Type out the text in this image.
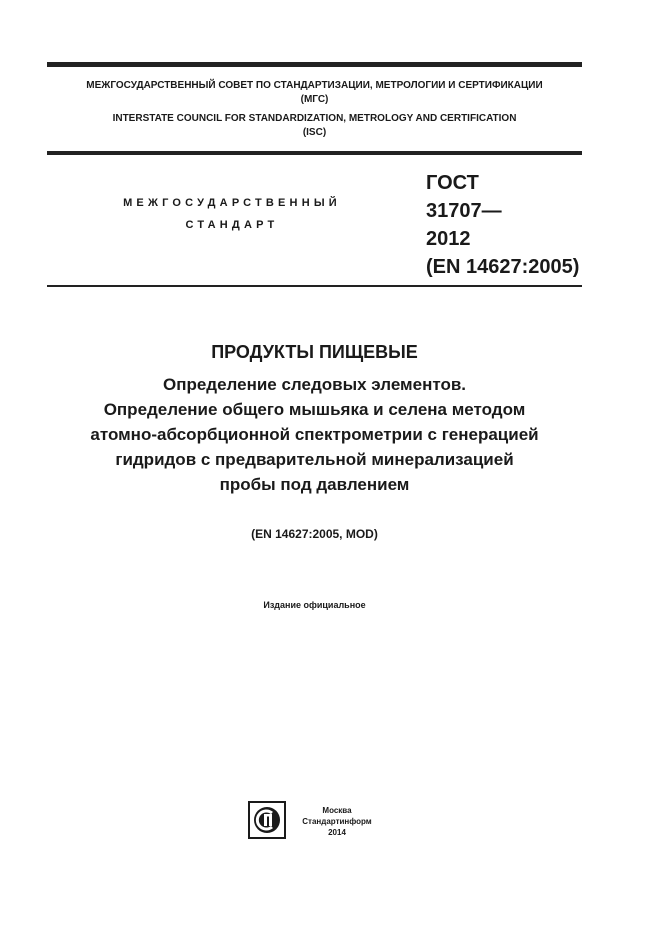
МЕЖГОСУДАРСТВЕННЫЙ СОВЕТ ПО СТАНДАРТИЗАЦИИ, МЕТРОЛОГИИ И СЕРТИФИКАЦИИ
(МГС)
INTERSTATE COUNCIL FOR STANDARDIZATION, METROLOGY AND CERTIFICATION
(ISC)
МЕЖГОСУДАРСТВЕННЫЙ
СТАНДАРТ
ГОСТ
31707—
2012
(EN 14627:2005)
ПРОДУКТЫ ПИЩЕВЫЕ
Определение следовых элементов.
Определение общего мышьяка и селена методом
атомно-абсорбционной спектрометрии с генерацией
гидридов с предварительной минерализацией
пробы под давлением
(EN 14627:2005, MOD)
Издание официальное
Москва
Стандартинформ
2014
